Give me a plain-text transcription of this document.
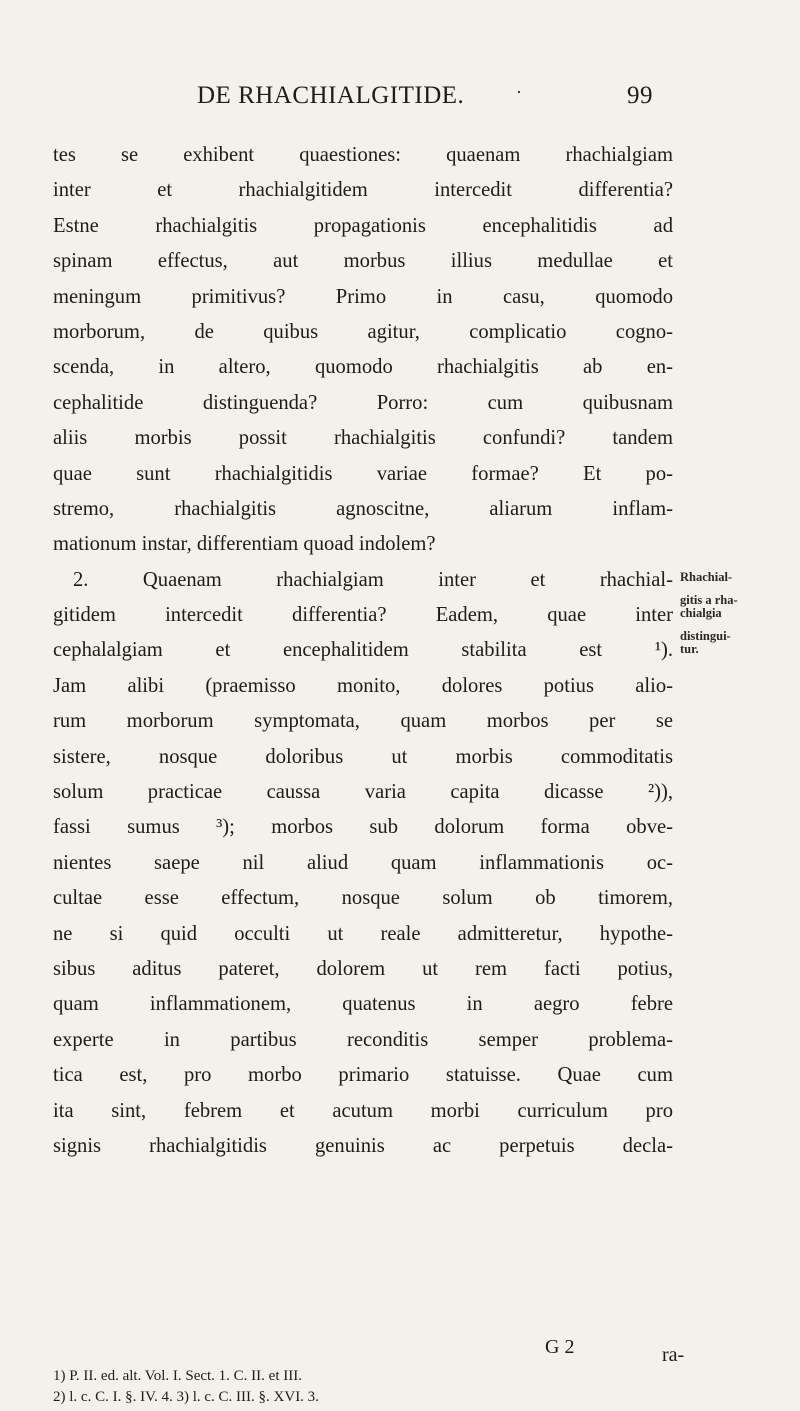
DE RHACHIALGITIDE.	·	99
tes se exhibent quaestiones: quaenam rhachialgiam
inter et rhachialgitidem intercedit differentia?
Estne rhachialgitis propagationis encephalitidis ad
spinam effectus, aut morbus illius medullae et
meningum primitivus? Primo in casu, quomodo
morborum, de quibus agitur, complicatio cogno-
scenda, in altero, quomodo rhachialgitis ab en-
cephalitide distinguenda? Porro: cum quibusnam
aliis morbis possit rhachialgitis confundi? tandem
quae sunt rhachialgitidis variae formae? Et po-
stremo, rhachialgitis agnoscitne, aliarum inflam-
mationum instar, differentiam quoad indolem?
2. Quaenam rhachialgiam inter et rhachial-
gitidem intercedit differentia? Eadem, quae inter
cephalalgiam et encephalitidem stabilita est ¹).
Jam alibi (praemisso monito, dolores potius alio-
rum morborum symptomata, quam morbos per se
sistere, nosque doloribus ut morbis commoditatis
solum practicae caussa varia capita dicasse ²)),
fassi sumus ³); morbos sub dolorum forma obve-
nientes saepe nil aliud quam inflammationis oc-
cultae esse effectum, nosque solum ob timorem,
ne si quid occulti ut reale admitteretur, hypothe-
sibus aditus pateret, dolorem ut rem facti potius,
quam inflammationem, quatenus in aegro febre
experte in partibus reconditis semper problema-
tica est, pro morbo primario statuisse. Quae cum
ita sint, febrem et acutum morbi curriculum pro
signis rhachialgitidis genuinis ac perpetuis decla-
Rhachial-
gitis a rha-
chialgia
distingui-
tur.
G 2	ra-
1) P. II. ed. alt. Vol. I. Sect. 1. C. II. et III.
2) l. c. C. I. §. IV. 4. 3) l. c. C. III. §. XVI. 3.
